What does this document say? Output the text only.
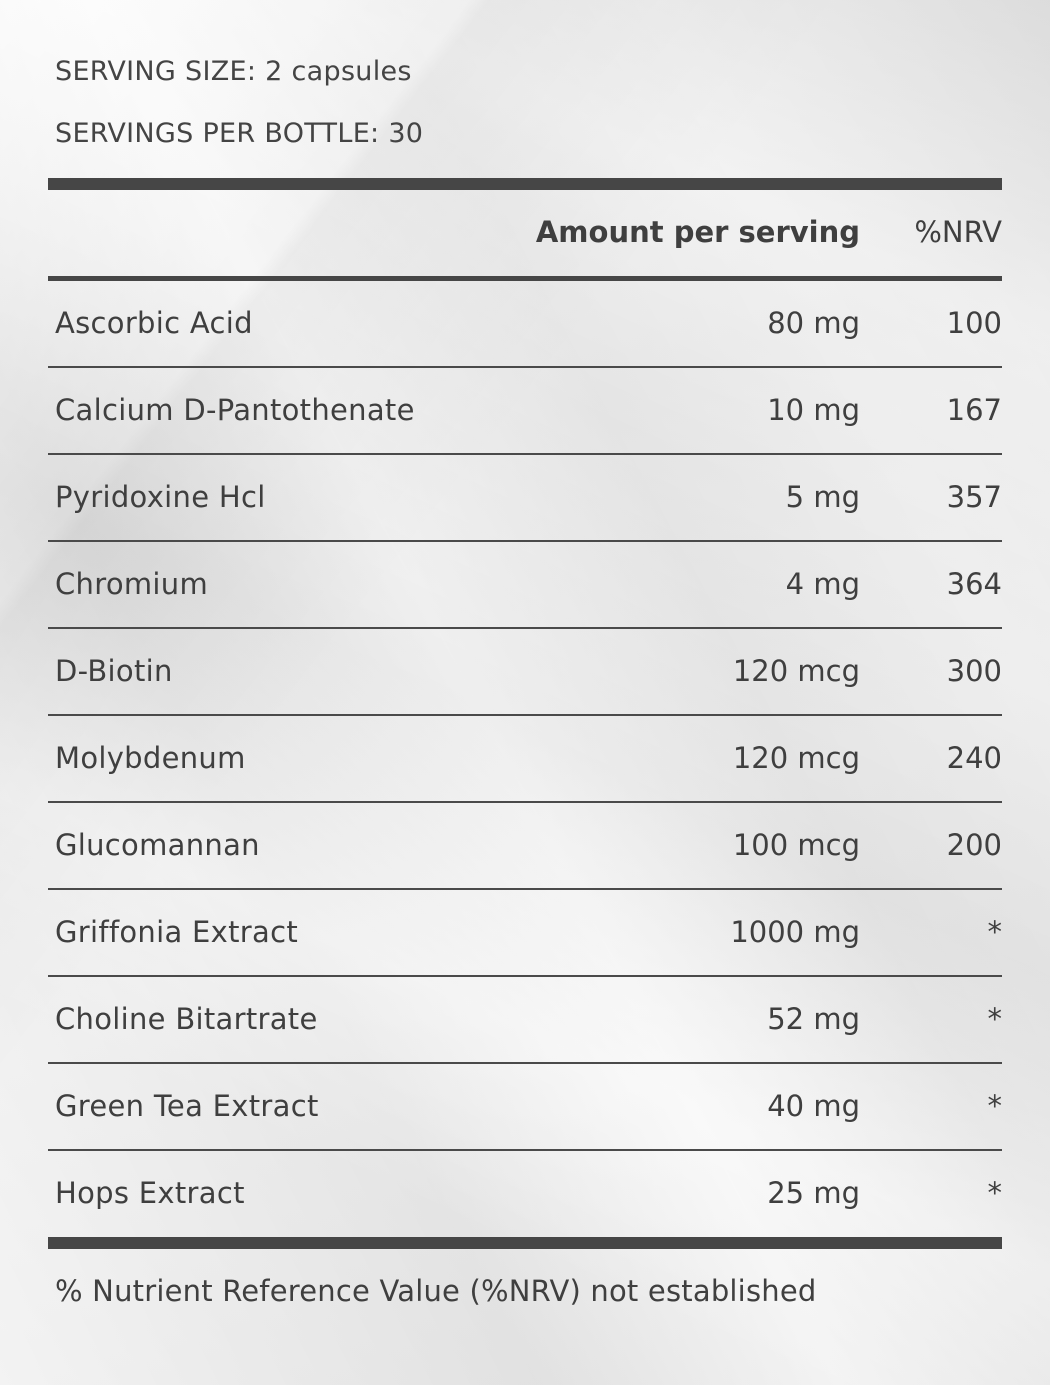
SERVING SIZE: 2 capsules
SERVINGS PER BOTTLE: 30
Amount per serving %NRV
Ascorbic Acid	80 mg	100
Calcium D-Pantothenate	10 mg	167
Pyridoxine Hcl	5 mg	357
Chromium	4 mg	364
D-Biotin	120 mcg	300
Molybdenum	120 mcg	240
Glucomannan	100 mcg	200
Griffonia Extract	1000 mg	*
Choline Bitartrate	52 mg	*
Green Tea Extract	40 mg	*
Hops Extract	25 mg	*
% Nutrient Reference Value (%NRV) not established
